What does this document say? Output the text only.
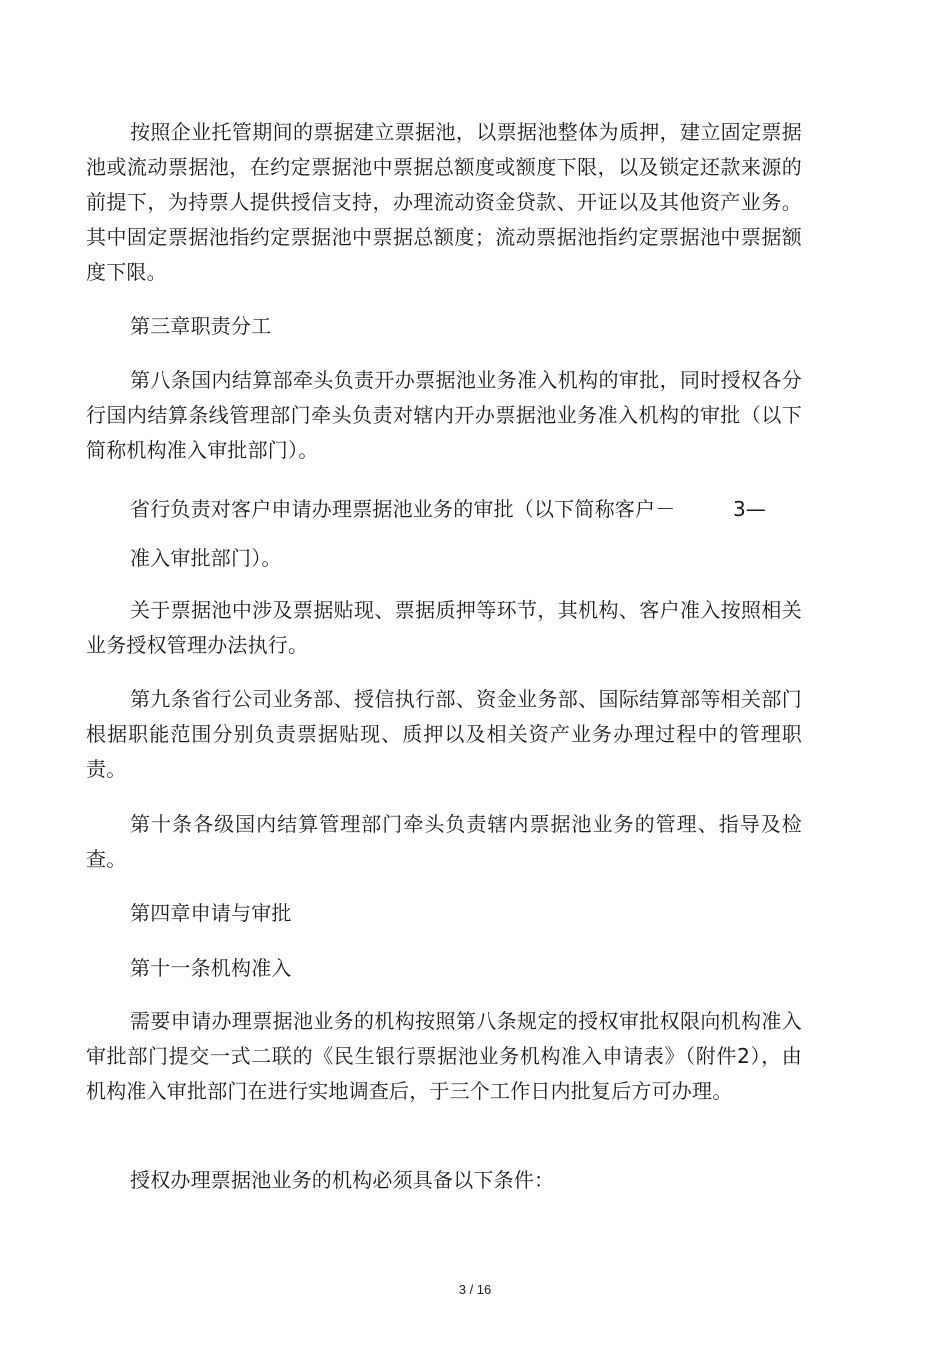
按照企业托管期间的票据建立票据池，以票据池整体为质押，建立固定票据池或流动票据池，在约定票据池中票据总额度或额度下限，以及锁定还款来源的前提下，为持票人提供授信支持，办理流动资金贷款、开证以及其他资产业务。其中固定票据池指约定票据池中票据总额度；流动票据池指约定票据池中票据额度下限。

第三章职责分工

第八条国内结算部牵头负责开办票据池业务准入机构的审批，同时授权各分行国内结算条线管理部门牵头负责对辖内开办票据池业务准入机构的审批（以下简称机构准入审批部门）。

省行负责对客户申请办理票据池业务的审批（以下简称客户－	3—

准入审批部门）。

关于票据池中涉及票据贴现、票据质押等环节，其机构、客户准入按照相关业务授权管理办法执行。

第九条省行公司业务部、授信执行部、资金业务部、国际结算部等相关部门根据职能范围分别负责票据贴现、质押以及相关资产业务办理过程中的管理职责。

第十条各级国内结算管理部门牵头负责辖内票据池业务的管理、指导及检查。

第四章申请与审批

第十一条机构准入

需要申请办理票据池业务的机构按照第八条规定的授权审批权限向机构准入审批部门提交一式二联的《民生银行票据池业务机构准入申请表》（附件2），由机构准入审批部门在进行实地调查后，于三个工作日内批复后方可办理。

授权办理票据池业务的机构必须具备以下条件：

3 / 16
